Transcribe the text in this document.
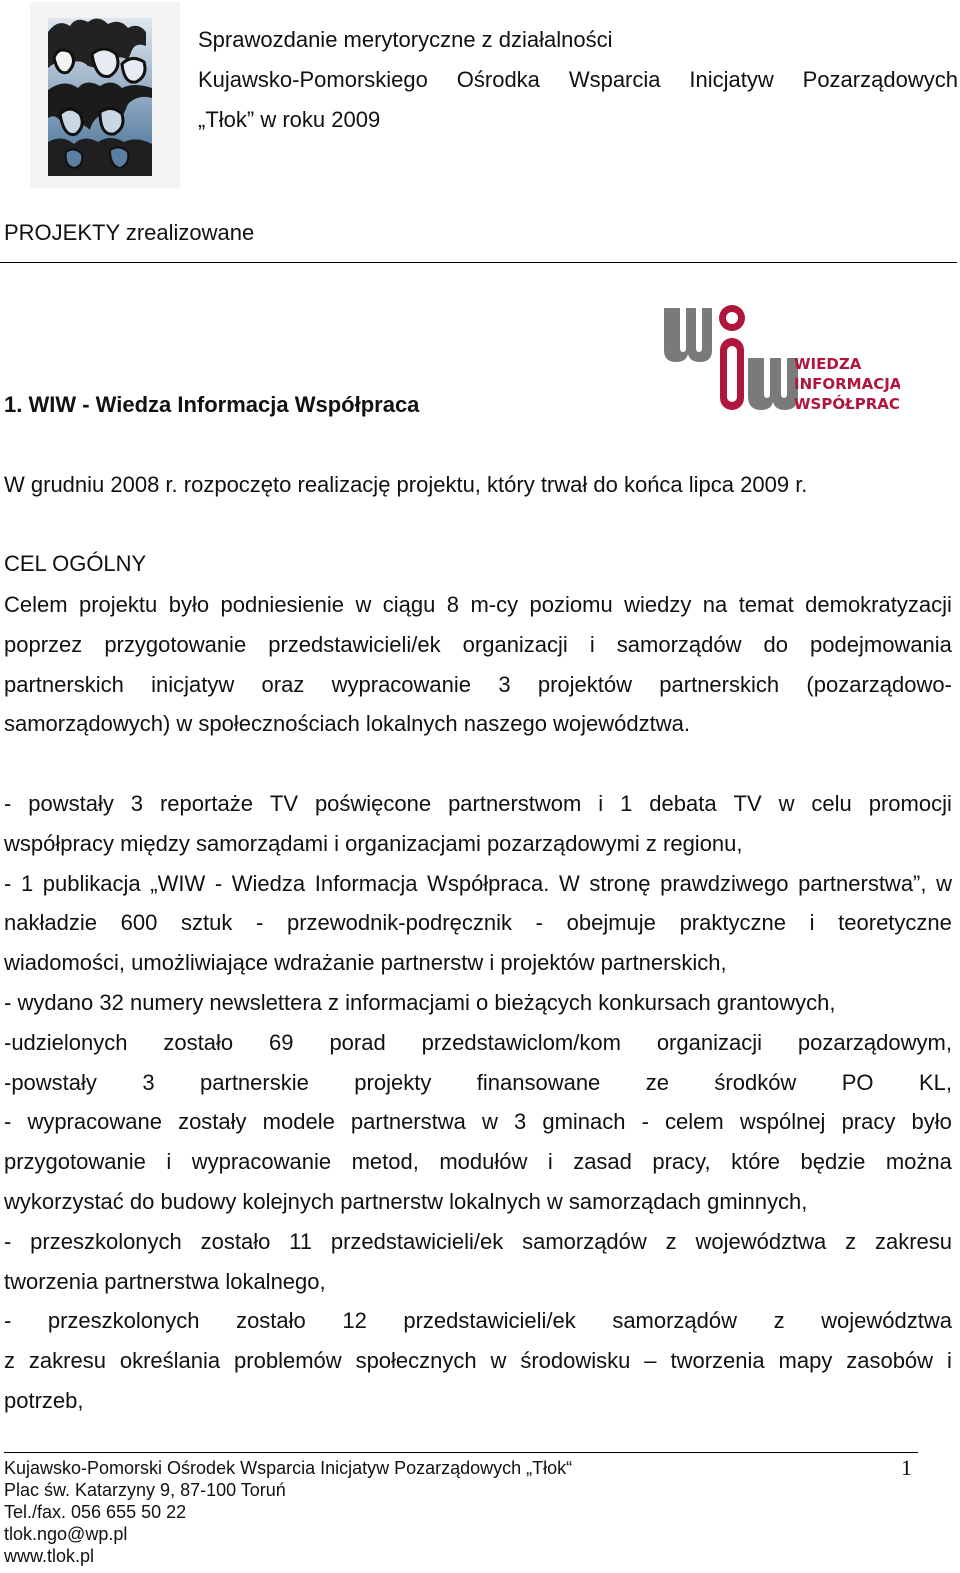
Sprawozdanie merytoryczne z działalności
Kujawsko-Pomorskiego Ośrodka Wsparcia Inicjatyw Pozarządowych
„Tłok” w roku 2009
PROJEKTY zrealizowane
WIEDZA
INFORMACJA
WSPÓŁPRACA
1. WIW - Wiedza Informacja Współpraca
W grudniu 2008 r. rozpoczęto realizację projektu, który trwał do końca lipca 2009 r.
CEL OGÓLNY
Celem projektu było podniesienie w ciągu 8 m-cy poziomu wiedzy na temat demokratyzacji
poprzez przygotowanie przedstawicieli/ek organizacji i samorządów do podejmowania
partnerskich inicjatyw oraz wypracowanie 3 projektów partnerskich (pozarządowo-
samorządowych) w społecznościach lokalnych naszego województwa.
- powstały 3 reportaże TV poświęcone partnerstwom i 1 debata TV w celu promocji
współpracy między samorządami i organizacjami pozarządowymi z regionu,
- 1 publikacja „WIW - Wiedza Informacja Współpraca. W stronę prawdziwego partnerstwa”, w
nakładzie 600 sztuk - przewodnik-podręcznik - obejmuje praktyczne i teoretyczne
wiadomości, umożliwiające wdrażanie partnerstw i projektów partnerskich,
- wydano 32 numery newslettera z informacjami o bieżących konkursach grantowych,
-udzielonych zostało 69 porad przedstawiclom/kom organizacji pozarządowym,
-powstały 3 partnerskie projekty finansowane ze środków PO KL,
- wypracowane zostały modele partnerstwa w 3 gminach - celem wspólnej pracy było
przygotowanie i wypracowanie metod, modułów i zasad pracy, które będzie można
wykorzystać do budowy kolejnych partnerstw lokalnych w samorządach gminnych,
- przeszkolonych zostało 11 przedstawicieli/ek samorządów z województwa z zakresu
tworzenia partnerstwa lokalnego,
- przeszkolonych zostało 12 przedstawicieli/ek samorządów z województwa
z zakresu określania problemów społecznych w środowisku – tworzenia mapy zasobów i
potrzeb,
Kujawsko-Pomorski Ośrodek Wsparcia Inicjatyw Pozarządowych „Tłok“
Plac św. Katarzyny 9, 87-100 Toruń
Tel./fax. 056 655 50 22
tlok.ngo@wp.pl
www.tlok.pl
1
